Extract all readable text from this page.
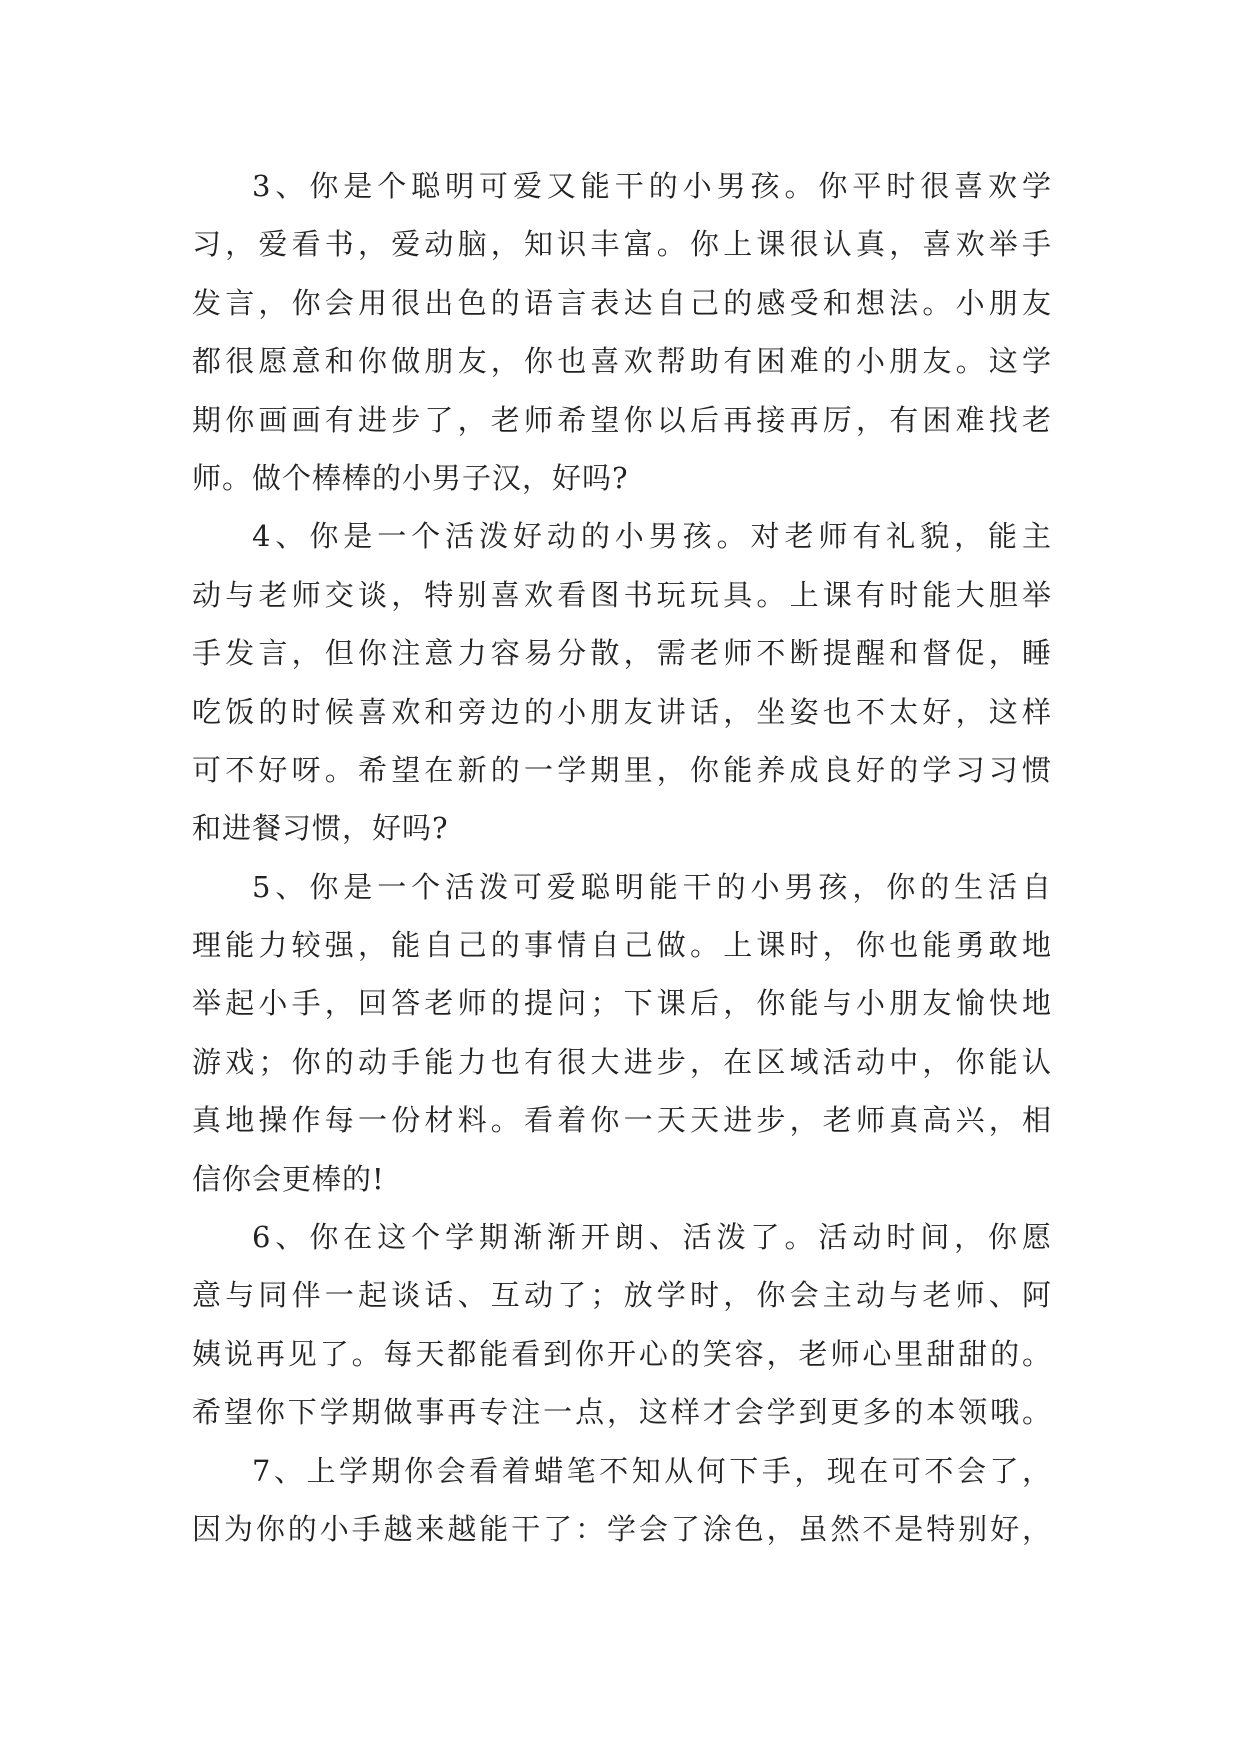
3、你是个聪明可爱又能干的小男孩。你平时很喜欢学
习，爱看书，爱动脑，知识丰富。你上课很认真，喜欢举手
发言，你会用很出色的语言表达自己的感受和想法。小朋友
都很愿意和你做朋友，你也喜欢帮助有困难的小朋友。这学
期你画画有进步了，老师希望你以后再接再厉，有困难找老
师。做个棒棒的小男子汉，好吗?
4、你是一个活泼好动的小男孩。对老师有礼貌，能主
动与老师交谈，特别喜欢看图书玩玩具。上课有时能大胆举
手发言，但你注意力容易分散，需老师不断提醒和督促，睡
吃饭的时候喜欢和旁边的小朋友讲话，坐姿也不太好，这样
可不好呀。希望在新的一学期里，你能养成良好的学习习惯
和进餐习惯，好吗?
5、你是一个活泼可爱聪明能干的小男孩，你的生活自
理能力较强，能自己的事情自己做。上课时，你也能勇敢地
举起小手，回答老师的提问；下课后，你能与小朋友愉快地
游戏；你的动手能力也有很大进步，在区域活动中，你能认
真地操作每一份材料。看着你一天天进步，老师真高兴，相
信你会更棒的!
6、你在这个学期渐渐开朗、活泼了。活动时间，你愿
意与同伴一起谈话、互动了；放学时，你会主动与老师、阿
姨说再见了。每天都能看到你开心的笑容，老师心里甜甜的。
希望你下学期做事再专注一点，这样才会学到更多的本领哦。
7、上学期你会看着蜡笔不知从何下手，现在可不会了，
因为你的小手越来越能干了：学会了涂色，虽然不是特别好，
